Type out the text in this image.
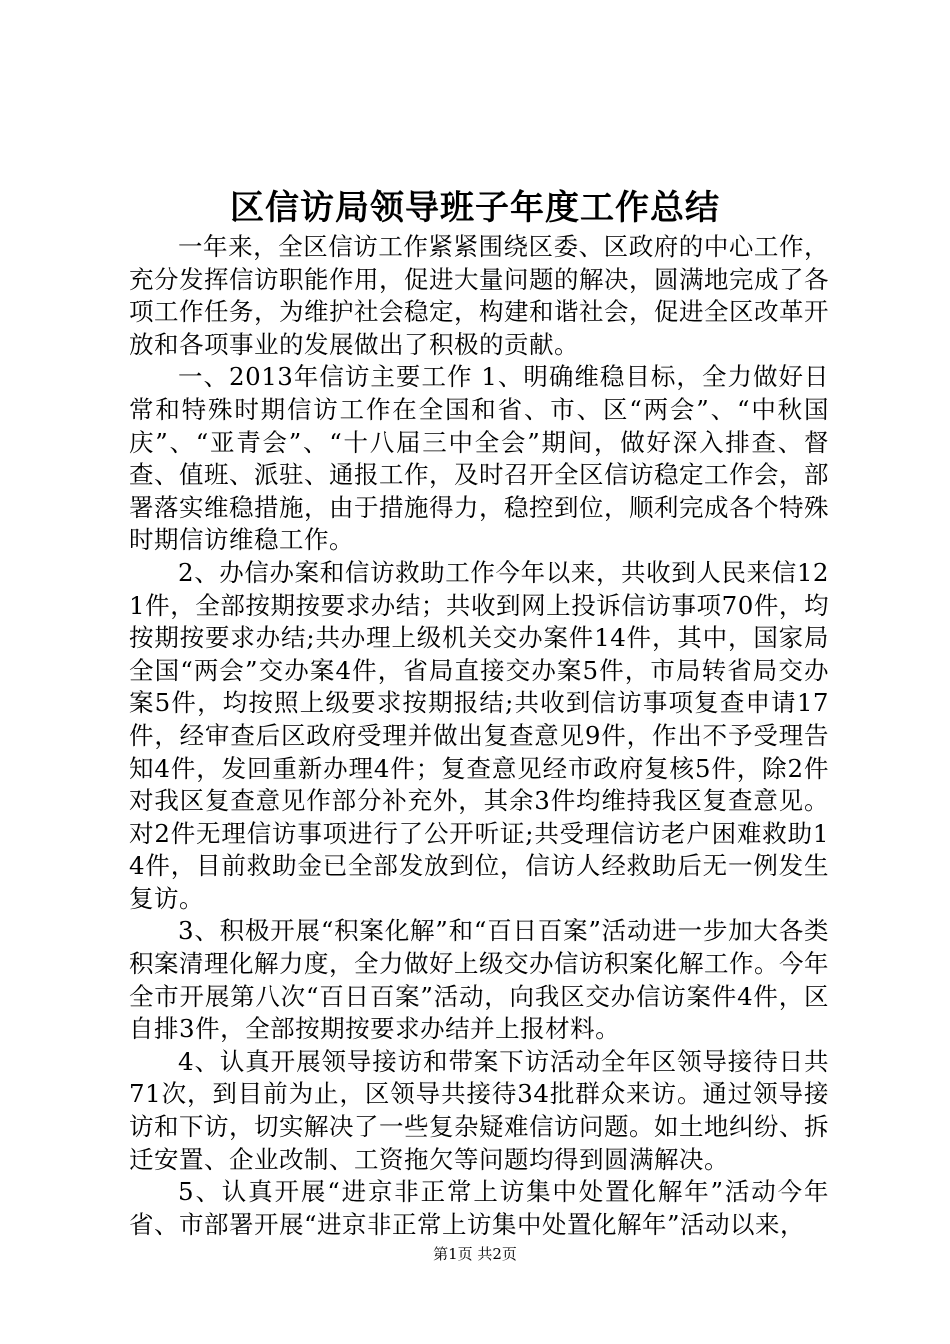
区信访局领导班子年度工作总结

一年来，全区信访工作紧紧围绕区委、区政府的中心工作，充分发挥信访职能作用，促进大量问题的解决，圆满地完成了各项工作任务，为维护社会稳定，构建和谐社会，促进全区改革开放和各项事业的发展做出了积极的贡献。

一、2013年信访主要工作 1、明确维稳目标，全力做好日常和特殊时期信访工作在全国和省、市、区“两会”、“中秋国庆”、“亚青会”、“十八届三中全会”期间，做好深入排查、督查、值班、派驻、通报工作，及时召开全区信访稳定工作会，部署落实维稳措施，由于措施得力，稳控到位，顺利完成各个特殊时期信访维稳工作。

2、办信办案和信访救助工作今年以来，共收到人民来信121件，全部按期按要求办结；共收到网上投诉信访事项70件，均按期按要求办结;共办理上级机关交办案件14件，其中，国家局全国“两会”交办案4件，省局直接交办案5件，市局转省局交办案5件，均按照上级要求按期报结;共收到信访事项复查申请17件，经审查后区政府受理并做出复查意见9件，作出不予受理告知4件，发回重新办理4件；复查意见经市政府复核5件，除2件对我区复查意见作部分补充外，其余3件均维持我区复查意见。对2件无理信访事项进行了公开听证;共受理信访老户困难救助14件，目前救助金已全部发放到位，信访人经救助后无一例发生复访。

3、积极开展“积案化解”和“百日百案”活动进一步加大各类积案清理化解力度，全力做好上级交办信访积案化解工作。今年全市开展第八次“百日百案”活动，向我区交办信访案件4件，区自排3件，全部按期按要求办结并上报材料。

4、认真开展领导接访和带案下访活动全年区领导接待日共71次，到目前为止，区领导共接待34批群众来访。通过领导接访和下访，切实解决了一些复杂疑难信访问题。如土地纠纷、拆迁安置、企业改制、工资拖欠等问题均得到圆满解决。

5、认真开展“进京非正常上访集中处置化解年”活动今年省、市部署开展“进京非正常上访集中处置化解年”活动以来，

第1页 共2页
